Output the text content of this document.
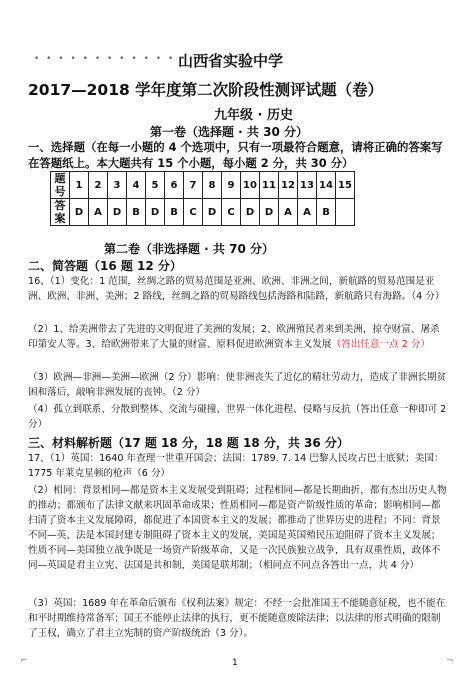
• • • • • • • • • • • • • • •
山西省实验中学
2017—2018 学年度第二次阶段性测评试题（卷）
九年级 · 历史
第一卷（选择题 · 共 30 分）
一、选择题（在每一小题的 4 个选项中，只有一项最符合题意，请将正确的答案写在答题纸上。本大题共有 15 个小题，每小题 2 分，共 30 分）
题号	1	2	3	4	5	6	7	8	9	10	11	12	13	14	15
答案	D	A	D	B	D	B	C	D	C	D	D	A	A	B	
第二卷（非选择题 · 共 70 分）
二、简答题（16 题 12 分）
16、（1）变化：1 范围，丝绸之路的贸易范围是亚洲、欧洲、非洲之间，新航路的贸易范围是亚洲、欧洲、非洲、美洲；2 路线，丝绸之路的贸易路线包括海路和陆路，新航路只有海路。（4 分）
（2）1、给美洲带去了先进的文明促进了美洲的发展；2、欧洲殖民者来到美洲，掠夺财富、屠杀印第安人等。3、给欧洲带来了大量的财富、原料促进欧洲资本主义发展（答出任意一点 2 分）
（3）欧洲—非洲—美洲—欧洲（2 分）影响：使非洲丧失了近亿的精壮劳动力，造成了非洲长期贫困和落后，敲响非洲发展的丧钟。（2 分）
（4）孤立到联系、分散到整体、交流与碰撞、世界一体化进程、侵略与反抗（答出任意一种即可 2 分）
三、材料解析题（17 题 18 分，18 题 18 分，共 36 分）
17、（1）英国：1640 年查理一世重开国会；法国：1789. 7. 14 巴黎人民攻占巴士底狱；美国：1775 年莱克星顿的枪声（6 分）
（2）相同：背景相同—都是资本主义发展受到阻碍；过程相同—都是长期曲折，都有杰出历史人物的推动；都颁布了法律文献来巩固革命成果；性质相同—都是资产阶级性质的革命；影响相同—都扫清了资本主义发展障碍，都促进了本国资本主义的发展；都推动了世界历史的进程；不同：背景不同—英、法是本国封建专制阻碍了资本主义的发展，美国是英国殖民压迫阻碍了资本主义发展；性质不同—美国独立战争既是一场资产阶级革命，又是一次民族独立战争，具有双重性质，政体不同—英国是君主立宪、法国是共和制，美国是联邦制；（相同点不同点各答出一点，共 4 分）
（3）英国：1689 年在革命后颁布《权利法案》规定：不经一会批准国王不能随意征税，也不能在和平时期维持常备军；国王不能停止法律的执行，更不能随意废除法律；以法律的形式明确的限制了王权，确立了君主立宪制的资产阶级统治（3 分）。
1
⌐	¬
